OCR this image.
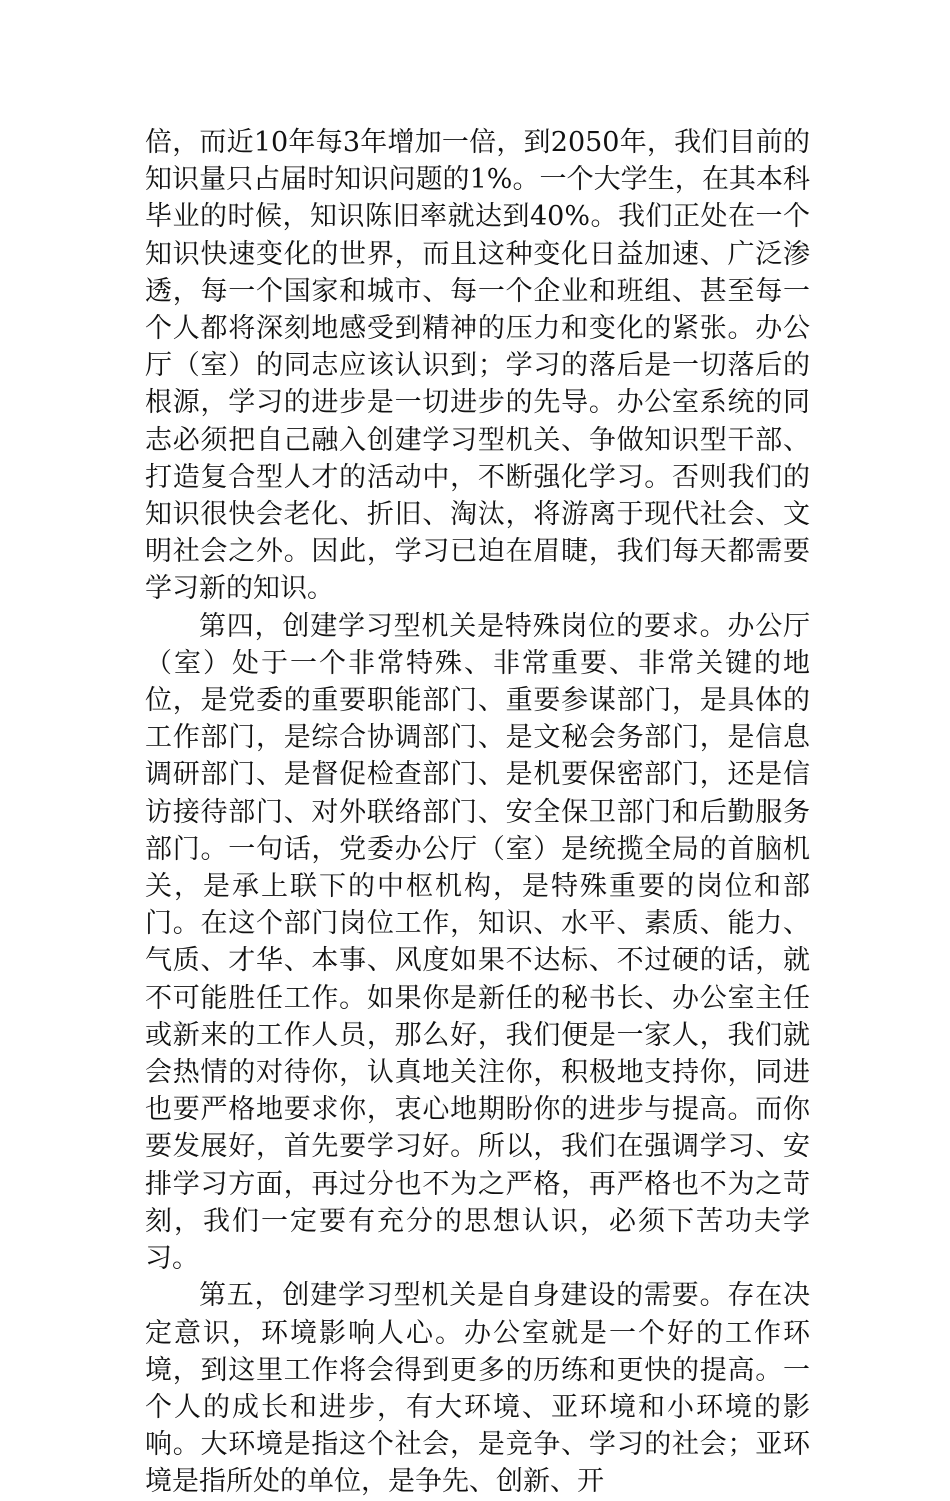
倍，而近10年每3年增加一倍，到2050年，我们目前的知识量只占届时知识问题的1%。一个大学生，在其本科毕业的时候，知识陈旧率就达到40%。我们正处在一个知识快速变化的世界，而且这种变化日益加速、广泛渗透，每一个国家和城市、每一个企业和班组、甚至每一个人都将深刻地感受到精神的压力和变化的紧张。办公厅（室）的同志应该认识到；学习的落后是一切落后的根源，学习的进步是一切进步的先导。办公室系统的同志必须把自己融入创建学习型机关、争做知识型干部、打造复合型人才的活动中，不断强化学习。否则我们的知识很快会老化、折旧、淘汰，将游离于现代社会、文明社会之外。因此，学习已迫在眉睫，我们每天都需要学习新的知识。

第四，创建学习型机关是特殊岗位的要求。办公厅（室）处于一个非常特殊、非常重要、非常关键的地位，是党委的重要职能部门、重要参谋部门，是具体的工作部门，是综合协调部门、是文秘会务部门，是信息调研部门、是督促检查部门、是机要保密部门，还是信访接待部门、对外联络部门、安全保卫部门和后勤服务部门。一句话，党委办公厅（室）是统揽全局的首脑机关，是承上联下的中枢机构，是特殊重要的岗位和部门。在这个部门岗位工作，知识、水平、素质、能力、气质、才华、本事、风度如果不达标、不过硬的话，就不可能胜任工作。如果你是新任的秘书长、办公室主任或新来的工作人员，那么好，我们便是一家人，我们就会热情的对待你，认真地关注你，积极地支持你，同进也要严格地要求你，衷心地期盼你的进步与提高。而你要发展好，首先要学习好。所以，我们在强调学习、安排学习方面，再过分也不为之严格，再严格也不为之苛刻，我们一定要有充分的思想认识，必须下苦功夫学习。

第五，创建学习型机关是自身建设的需要。存在决定意识，环境影响人心。办公室就是一个好的工作环境，到这里工作将会得到更多的历练和更快的提高。一个人的成长和进步，有大环境、亚环境和小环境的影响。大环境是指这个社会，是竞争、学习的社会；亚环境是指所处的单位，是争先、创新、开
